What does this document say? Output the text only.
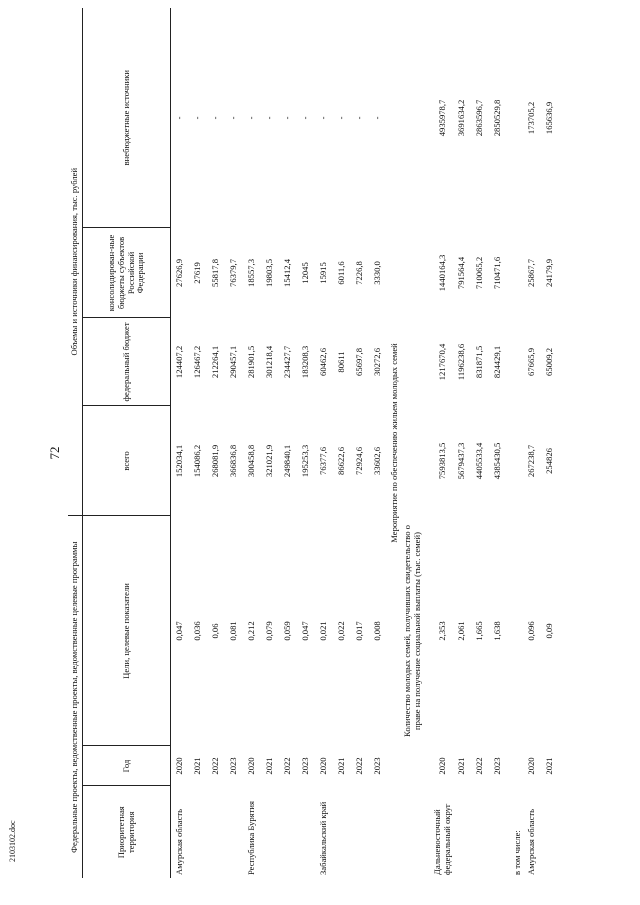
72
Федеральные проекты, ведомственные проекты, ведомственные целевые программы			Объемы и источники финансирования, тыс. рублей			
Приоритетная территория	Год	Цели, целевые показатели	всего	федеральный бюджет	консолидирован-ные бюджеты субъектов Российской Федерации	внебюджетные источники
Амурская область	2020	0,047	152034,1	124407,2	27626,9	-
	2021	0,036	154086,2	126467,2	27619	-
	2022	0,06	268081,9	212264,1	55817,8	-
	2023	0,081	366836,8	290457,1	76379,7	-
Республика Бурятия	2020	0,212	300458,8	281901,5	18557,3	-
	2021	0,079	321021,9	301218,4	19803,5	-
	2022	0,059	249840,1	234427,7	15412,4	-
	2023	0,047	195253,3	183208,3	12045	-
Забайкальский край	2020	0,021	76377,6	60462,6	15915	-
	2021	0,022	86622,6	80611	6011,6	-
	2022	0,017	72924,6	65697,8	7226,8	-
	2023	0,008	33602,6	30272,6	3330,0	-
Мероприятие по обеспечению жильем молодых семей						
		Количество молодых семей, получивших свидетельство о праве на получение социальной выплаты (тыс. семей)				
Дальневосточный федеральный округ	2020	2,353	7593813,5	1217670,4	1440164,3	4935978,7
	2021	2,061	5679437,3	1196238,6	791564,4	3691634,2
	2022	1,665	4405533,4	831871,5	710065,2	2863596,7
	2023	1,638	4385430,5	824429,1	710471,6	2850529,8
в том числе:						
Амурская область	2020	0,096	267238,7	67665,9	25867,7	173705,2
	2021	0,09	254826	65009,2	24179,9	165636,9
2103102.doc
